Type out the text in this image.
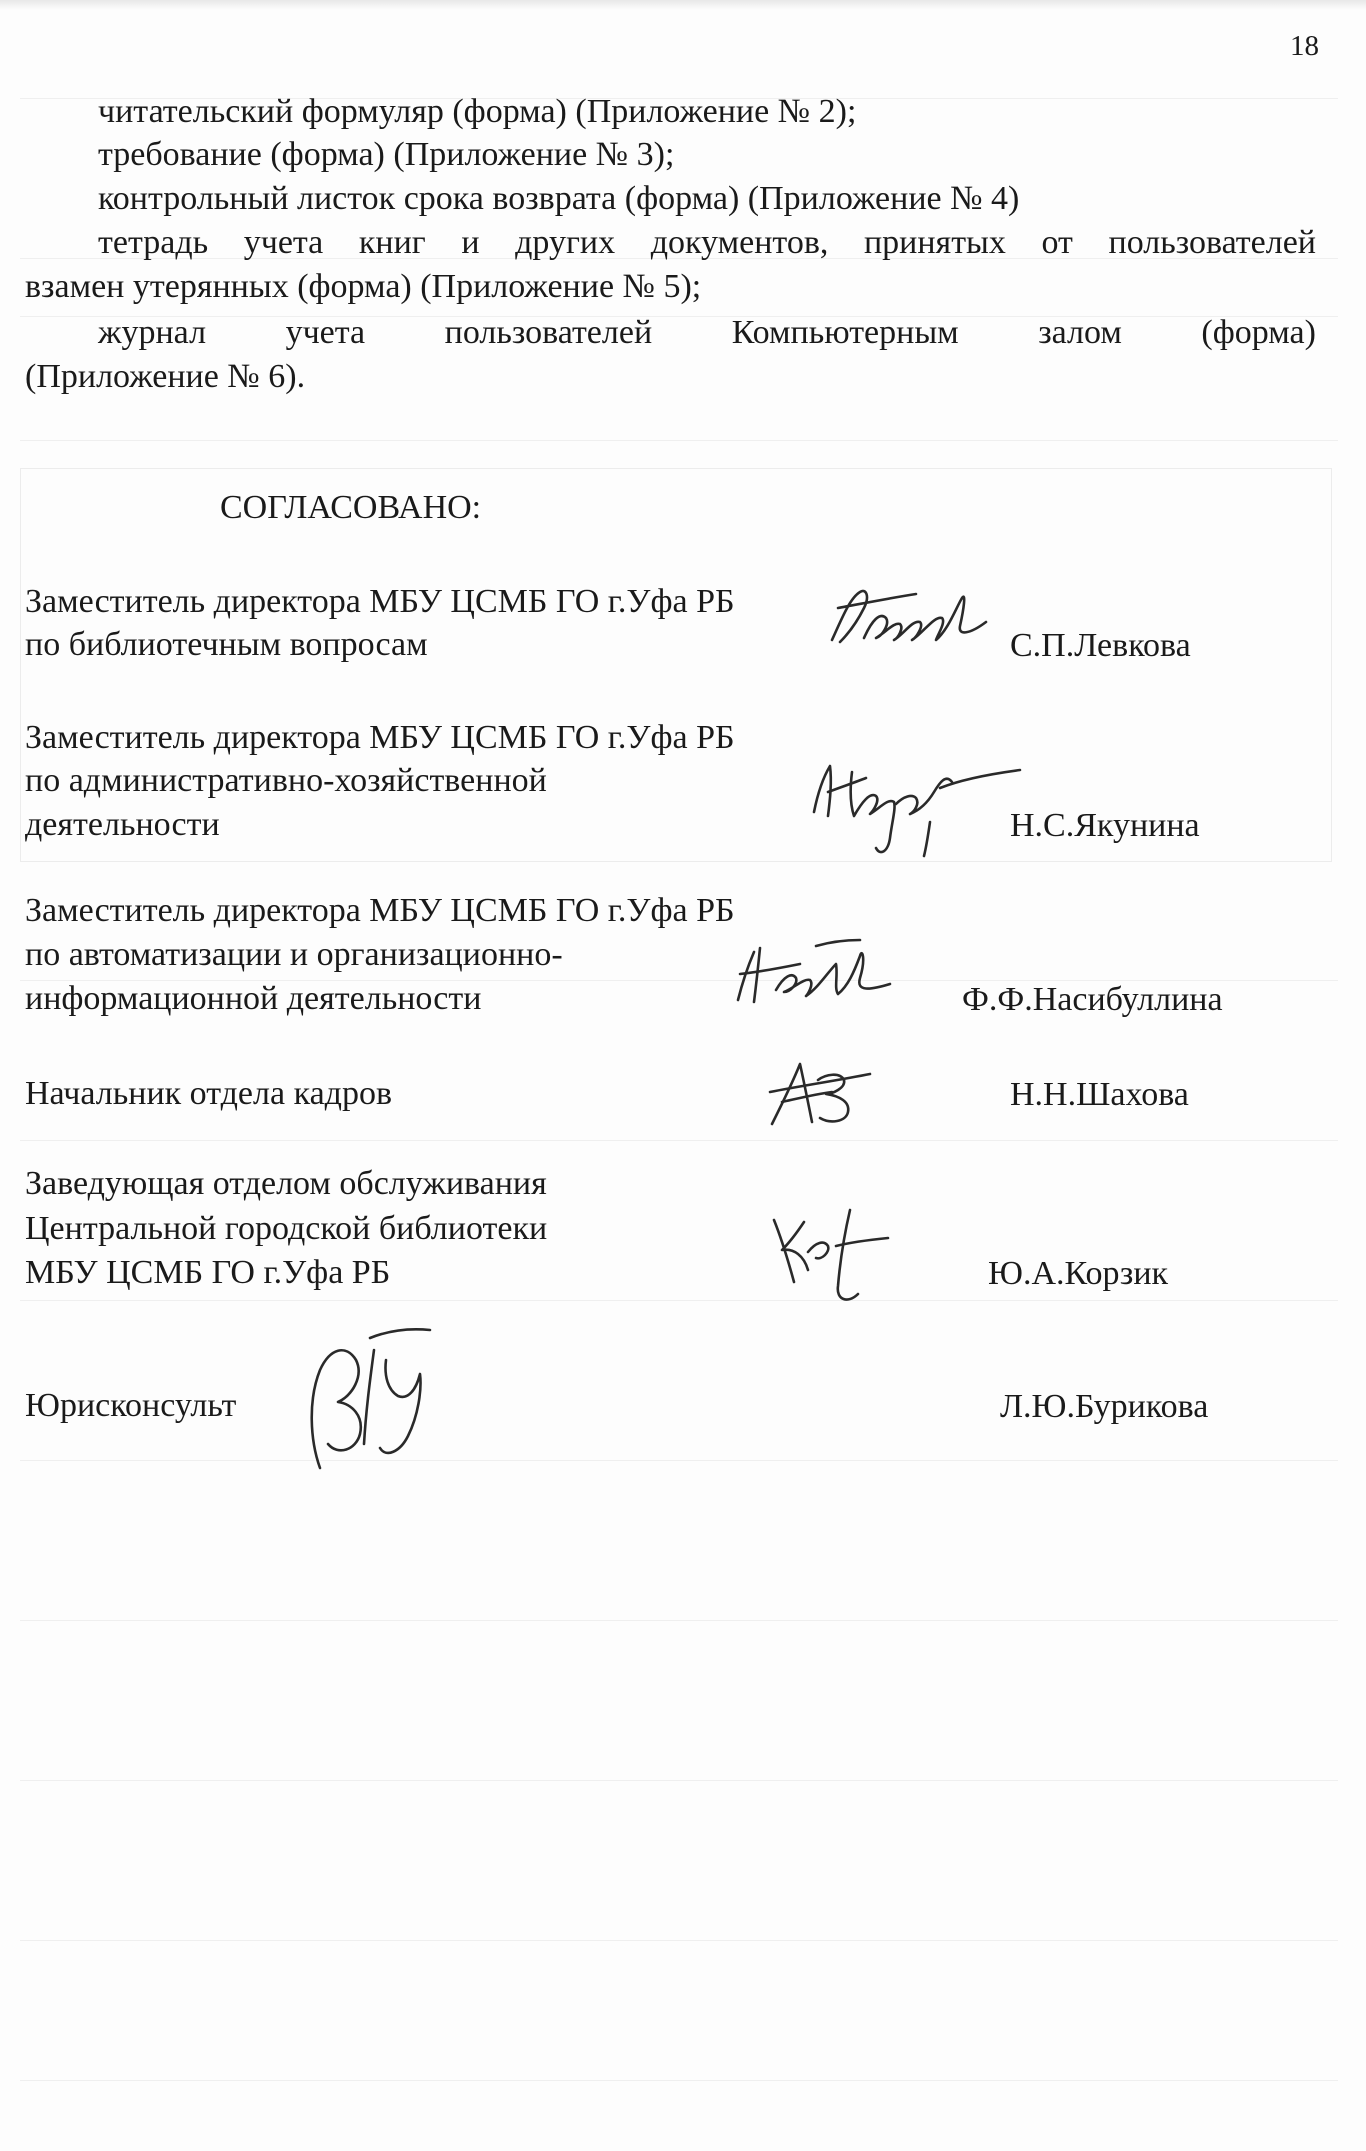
18
читательский формуляр (форма) (Приложение № 2);
требование (форма) (Приложение № 3);
контрольный листок срока возврата (форма) (Приложение № 4)
тетрадь учета книг и других документов, принятых от пользователей
взамен утерянных (форма) (Приложение № 5);
журнал учета пользователей Компьютерным залом (форма)
(Приложение № 6).
СОГЛАСОВАНО:
Заместитель директора МБУ ЦСМБ ГО г.Уфа РБ
по библиотечным вопросам	С.П.Левкова
Заместитель директора МБУ ЦСМБ ГО г.Уфа РБ
по административно-хозяйственной
деятельности	Н.С.Якунина
Заместитель директора МБУ ЦСМБ ГО г.Уфа РБ
по автоматизации и организационно-
информационной деятельности	Ф.Ф.Насибуллина
Начальник отдела кадров	Н.Н.Шахова
Заведующая отделом обслуживания
Центральной городской библиотеки
МБУ ЦСМБ ГО г.Уфа РБ	Ю.А.Корзик
Юрисконсульт	Л.Ю.Бурикова
